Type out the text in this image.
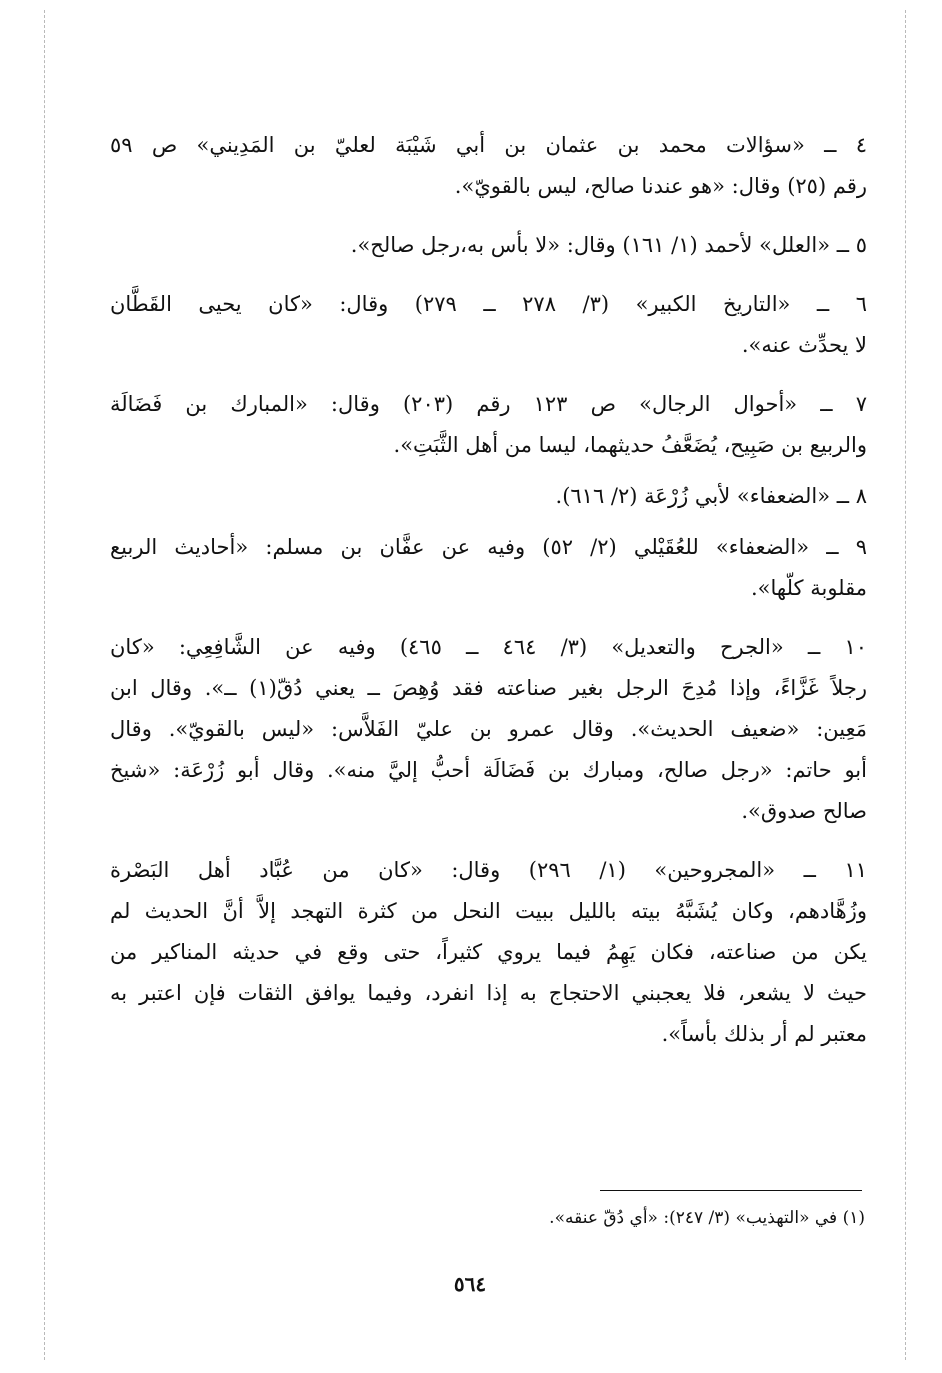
٤ ــ «سؤالات محمد بن عثمان بن أبي شَيْبَة لعليّ بن المَدِيني» ص ٥٩
رقم (٢٥) وقال: «هو عندنا صالح، ليس بالقويّ».
٥ ــ «العلل» لأحمد (١/ ١٦١) وقال: «لا بأس به،رجل صالح».
٦ ــ «التاريخ الكبير» (٣/ ٢٧٨ ــ ٢٧٩) وقال: «كان يحيى القَطَّان
لا يحدِّث عنه».
٧ ــ «أحوال الرجال» ص ١٢٣ رقم (٢٠٣) وقال: «المبارك بن فَضَالَة
والربيع بن صَبِيح، يُضَعَّفُ حديثهما، ليسا من أهل الثَّبَتِ».
٨ ــ «الضعفاء» لأبي زُرْعَة (٢/ ٦١٦).
٩ ــ «الضعفاء» للعُقَيْلي (٢/ ٥٢) وفيه عن عفَّان بن مسلم: «أحاديث الربيع
مقلوبة كلّها».
١٠ ــ «الجرح والتعديل» (٣/ ٤٦٤ ــ ٤٦٥) وفيه عن الشَّافِعِي: «كان
رجلاً غَزَّاءً، وإذا مُدِحَ الرجل بغير صناعته فقد وُهِصَ ــ يعني دُقّ(١) ــ». وقال ابن
مَعِين: «ضعيف الحديث». وقال عمرو بن عليّ الفَلاَّس: «ليس بالقويّ». وقال
أبو حاتم: «رجل صالح، ومبارك بن فَضَالَة أحبُّ إليَّ منه». وقال أبو زُرْعَة: «شيخ
صالح صدوق».
١١ ــ «المجروحين» (١/ ٢٩٦) وقال: «كان من عُبَّاد أهل البَصْرة
وزُهَّادهم، وكان يُشَبَّهُ بيته بالليل ببيت النحل من كثرة التهجد إلاَّ أنَّ الحديث لم
يكن من صناعته، فكان يَهِمُ فيما يروي كثيراً، حتى وقع في حديثه المناكير من
حيث لا يشعر، فلا يعجبني الاحتجاج به إذا انفرد، وفيما يوافق الثقات فإن اعتبر به
معتبر لم أر بذلك بأساً».
(١) في «التهذيب» (٣/ ٢٤٧): «أي دُقّ عنقه».
٥٦٤
